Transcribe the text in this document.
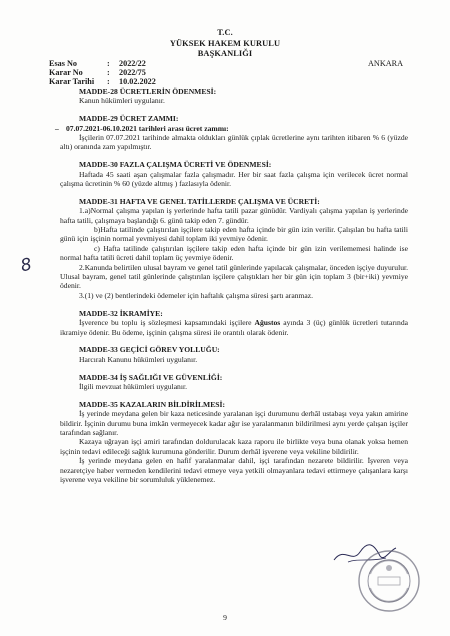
T.C.
YÜKSEK HAKEM KURULU
BAŞKANLIĞI
Esas No	:	2022/22
Karar No	:	2022/75
Karar Tarihi	:	10.02.2022
ANKARA
8
MADDE-28 ÜCRETLERİN ÖDENMESİ:

Kanun hükümleri uygulanır.

MADDE-29 ÜCRET ZAMMI:
– 07.07.2021-06.10.2021 tarihleri arası ücret zammı:

İşçilerin 07.07.2021 tarihinde almakta oldukları günlük çıplak ücretlerine aynı tarihten itibaren % 6 (yüzde altı) oranında zam yapılmıştır.

MADDE-30 FAZLA ÇALIŞMA ÜCRETİ VE ÖDENMESİ:

Haftada 45 saati aşan çalışmalar fazla çalışmadır. Her bir saat fazla çalışma için verilecek ücret normal çalışma ücretinin % 60 (yüzde altmış ) fazlasıyla ödenir.

MADDE-31 HAFTA VE GENEL TATİLLERDE ÇALIŞMA VE ÜCRETİ:

1.a)Normal çalışma yapılan iş yerlerinde hafta tatili pazar günüdür. Vardiyalı çalışma yapılan iş yerlerinde hafta tatili, çalışmaya başlandığı 6. günü takip eden 7. gündür.

b)Hafta tatilinde çalıştırılan işçilere takip eden hafta içinde bir gün izin verilir. Çalışılan bu hafta tatili günü için işçinin normal yevmiyesi dahil toplam iki yevmiye ödenir.

c) Hafta tatilinde çalıştırılan işçilere takip eden hafta içinde bir gün izin verilememesi halinde ise normal hafta tatili ücreti dahil toplam üç yevmiye ödenir.

2.Kanunda belirtilen ulusal bayram ve genel tatil günlerinde yapılacak çalışmalar, önceden işçiye duyurulur. Ulusal bayram, genel tatil günlerinde çalıştırılan işçilere çalıştıkları her bir gün için toplam 3 (bir+iki) yevmiye ödenir.

3.(1) ve (2) bentlerindeki ödemeler için haftalık çalışma süresi şartı aranmaz.

MADDE-32 İKRAMİYE:

İşverence bu toplu iş sözleşmesi kapsamındaki işçilere Ağustos ayında 3 (üç) günlük ücretleri tutarında ikramiye ödenir. Bu ödeme, işçinin çalışma süresi ile orantılı olarak ödenir.

MADDE-33 GEÇİCİ GÖREV YOLLUĞU:

Harcırah Kanunu hükümleri uygulanır.

MADDE-34 İŞ SAĞLIĞI VE GÜVENLİĞİ:

İlgili mevzuat hükümleri uygulanır.

MADDE-35 KAZALARIN BİLDİRİLMESİ:

İş yerinde meydana gelen bir kaza neticesinde yaralanan işçi durumunu derhâl ustabaşı veya yakın amirine bildirir. İşçinin durumu buna imkân vermeyecek kadar ağır ise yaralanmanın bildirilmesi aynı yerde çalışan işçiler tarafından sağlanır.

Kazaya uğrayan işçi amiri tarafından doldurulacak kaza raporu ile birlikte veya buna olanak yoksa hemen işçinin tedavi edileceği sağlık kurumuna gönderilir. Durum derhâl işverene veya vekiline bildirilir.

İş yerinde meydana gelen en hafif yaralanmalar dahil, işçi tarafından nezarete bildirilir. İşveren veya nezaretçiye haber vermeden kendilerini tedavi etmeye veya yetkili olmayanlara tedavi ettirmeye çalışanlara karşı işverene veya vekiline bir sorumluluk yüklenemez.

9
